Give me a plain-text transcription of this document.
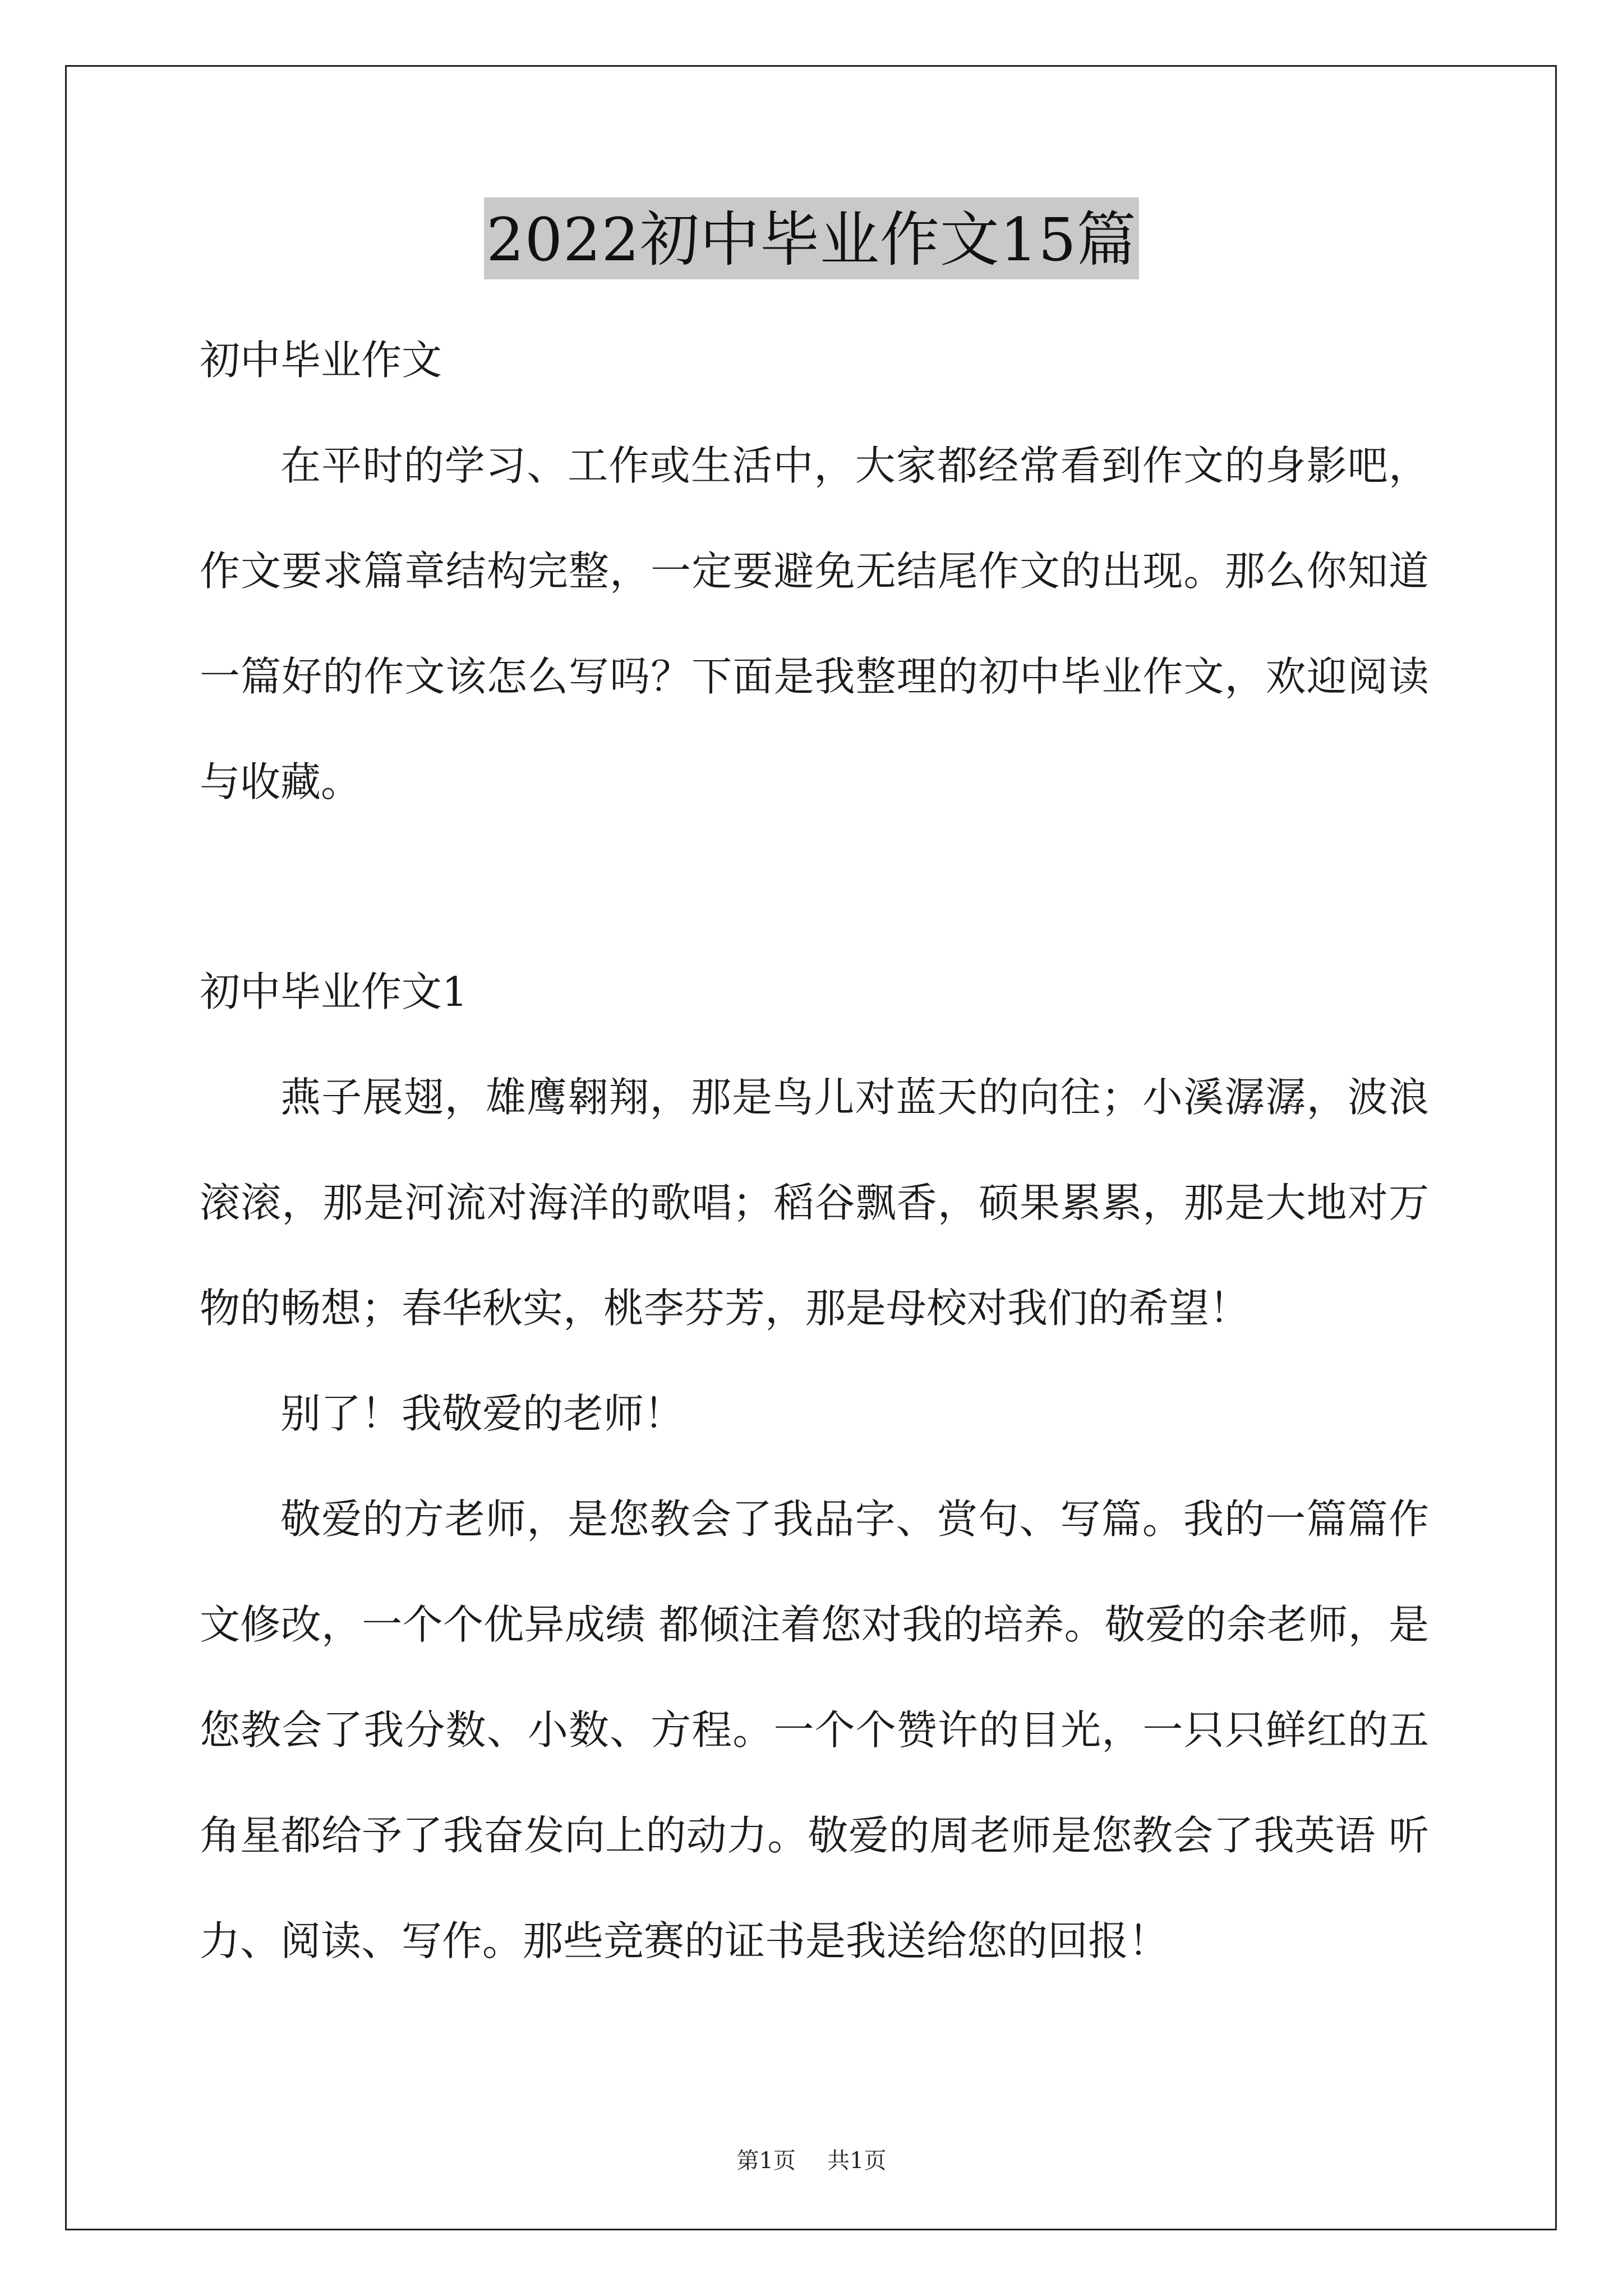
2022初中毕业作文15篇

初中毕业作文

在平时的学习、工作或生活中，大家都经常看到作文的身影吧，作文要求篇章结构完整，一定要避免无结尾作文的出现。那么你知道一篇好的作文该怎么写吗？下面是我整理的初中毕业作文，欢迎阅读与收藏。

初中毕业作文1

燕子展翅，雄鹰翱翔，那是鸟儿对蓝天的向往；小溪潺潺，波浪滚滚，那是河流对海洋的歌唱；稻谷飘香，硕果累累，那是大地对万物的畅想；春华秋实，桃李芬芳，那是母校对我们的希望！

别了！我敬爱的老师！

敬爱的方老师，是您教会了我品字、赏句、写篇。我的一篇篇作文修改，一个个优异成绩 都倾注着您对我的培养。敬爱的余老师，是您教会了我分数、小数、方程。一个个赞许的目光，一只只鲜红的五角星都给予了我奋发向上的动力。敬爱的周老师是您教会了我英语 听力、阅读、写作。那些竞赛的证书是我送给您的回报！

第1页 共1页
